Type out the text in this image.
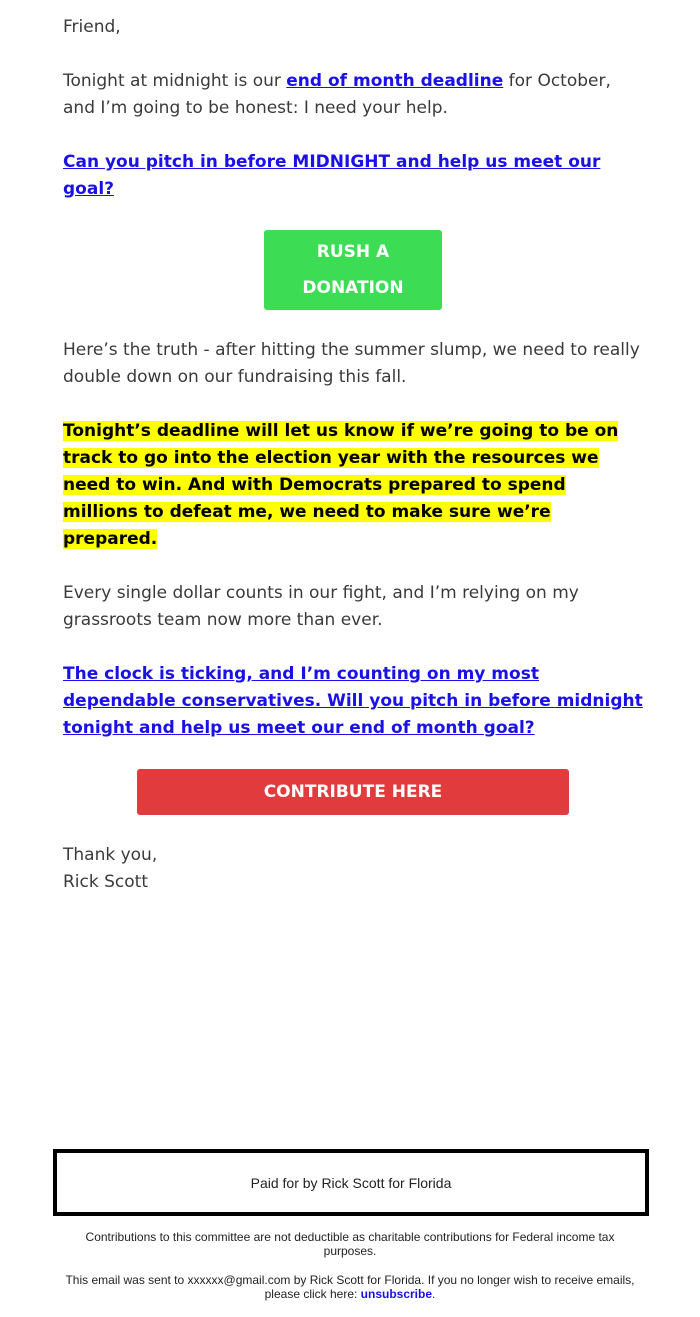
Friend,

Tonight at midnight is our end of month deadline for October, and I’m going to be honest: I need your help.

Can you pitch in before MIDNIGHT and help us meet our goal?

RUSH A
DONATION

Here’s the truth - after hitting the summer slump, we need to really double down on our fundraising this fall.

Tonight’s deadline will let us know if we’re going to be on track to go into the election year with the resources we need to win. And with Democrats prepared to spend millions to defeat me, we need to make sure we’re prepared.

Every single dollar counts in our fight, and I’m relying on my grassroots team now more than ever.

The clock is ticking, and I’m counting on my most dependable conservatives. Will you pitch in before midnight tonight and help us meet our end of month goal?

CONTRIBUTE HERE

Thank you,
Rick Scott

Paid for by Rick Scott for Florida
Contributions to this committee are not deductible as charitable contributions for Federal income tax purposes.
This email was sent to xxxxxx@gmail.com by Rick Scott for Florida. If you no longer wish to receive emails, please click here: unsubscribe.
